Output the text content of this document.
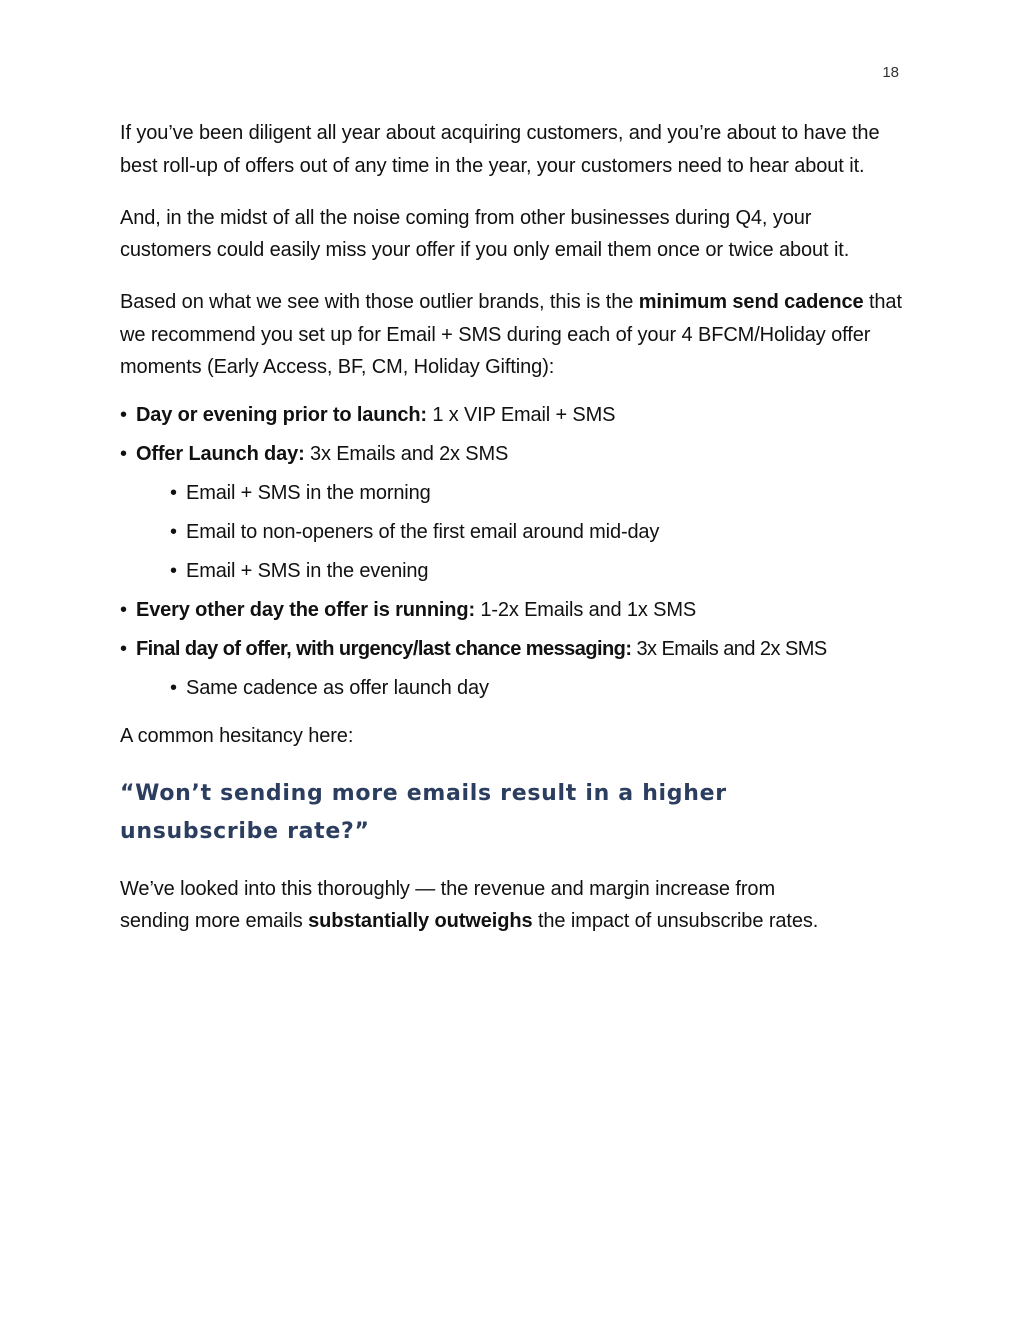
18

If you’ve been diligent all year about acquiring customers, and you’re about to have the best roll-up of offers out of any time in the year, your customers need to hear about it.

And, in the midst of all the noise coming from other businesses during Q4, your customers could easily miss your offer if you only email them once or twice about it.

Based on what we see with those outlier brands, this is the minimum send cadence that we recommend you set up for Email + SMS during each of your 4 BFCM/Holiday offer moments (Early Access, BF, CM, Holiday Gifting):

• Day or evening prior to launch: 1 x VIP Email + SMS
• Offer Launch day: 3x Emails and 2x SMS
• Email + SMS in the morning
• Email to non-openers of the first email around mid-day
• Email + SMS in the evening
• Every other day the offer is running: 1-2x Emails and 1x SMS
• Final day of offer, with urgency/last chance messaging: 3x Emails and 2x SMS
• Same cadence as offer launch day

A common hesitancy here:

“Won’t sending more emails result in a higher unsubscribe rate?”

We’ve looked into this thoroughly — the revenue and margin increase from sending more emails substantially outweighs the impact of unsubscribe rates.
